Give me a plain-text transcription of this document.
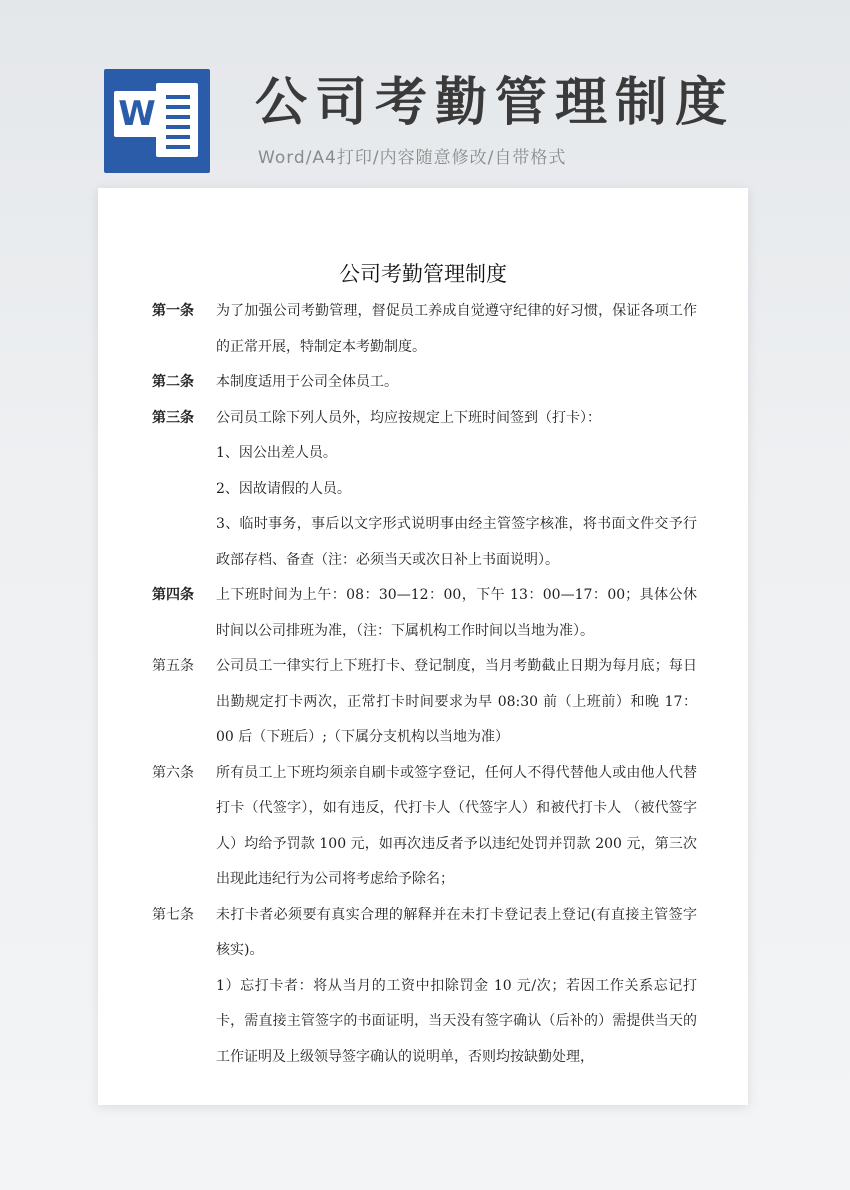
W 公司考勤管理制度
Word/A4打印/内容随意修改/自带格式
公司考勤管理制度
第一条	为了加强公司考勤管理，督促员工养成自觉遵守纪律的好习惯，保证各项工作的正常开展，特制定本考勤制度。
第二条	本制度适用于公司全体员工。
第三条	公司员工除下列人员外，均应按规定上下班时间签到（打卡）：
1、因公出差人员。
2、因故请假的人员。
3、临时事务，事后以文字形式说明事由经主管签字核准，将书面文件交予行政部存档、备查（注：必须当天或次日补上书面说明）。
第四条	上下班时间为上午：08：30—12：00，下午 13：00—17：00；具体公休时间以公司排班为准，（注：下属机构工作时间以当地为准）。
第五条	公司员工一律实行上下班打卡、登记制度，当月考勤截止日期为每月底；每日出勤规定打卡两次，正常打卡时间要求为早 08:30 前（上班前）和晚 17：00 后（下班后）;（下属分支机构以当地为准）
第六条	所有员工上下班均须亲自刷卡或签字登记，任何人不得代替他人或由他人代替打卡（代签字），如有违反，代打卡人（代签字人）和被代打卡人 （被代签字人）均给予罚款 100 元，如再次违反者予以违纪处罚并罚款 200 元，第三次出现此违纪行为公司将考虑给予除名；
第七条	未打卡者必须要有真实合理的解释并在未打卡登记表上登记(有直接主管签字核实)。
1）忘打卡者：将从当月的工资中扣除罚金 10 元/次；若因工作关系忘记打卡，需直接主管签字的书面证明，当天没有签字确认（后补的）需提供当天的工作证明及上级领导签字确认的说明单，否则均按缺勤处理，
